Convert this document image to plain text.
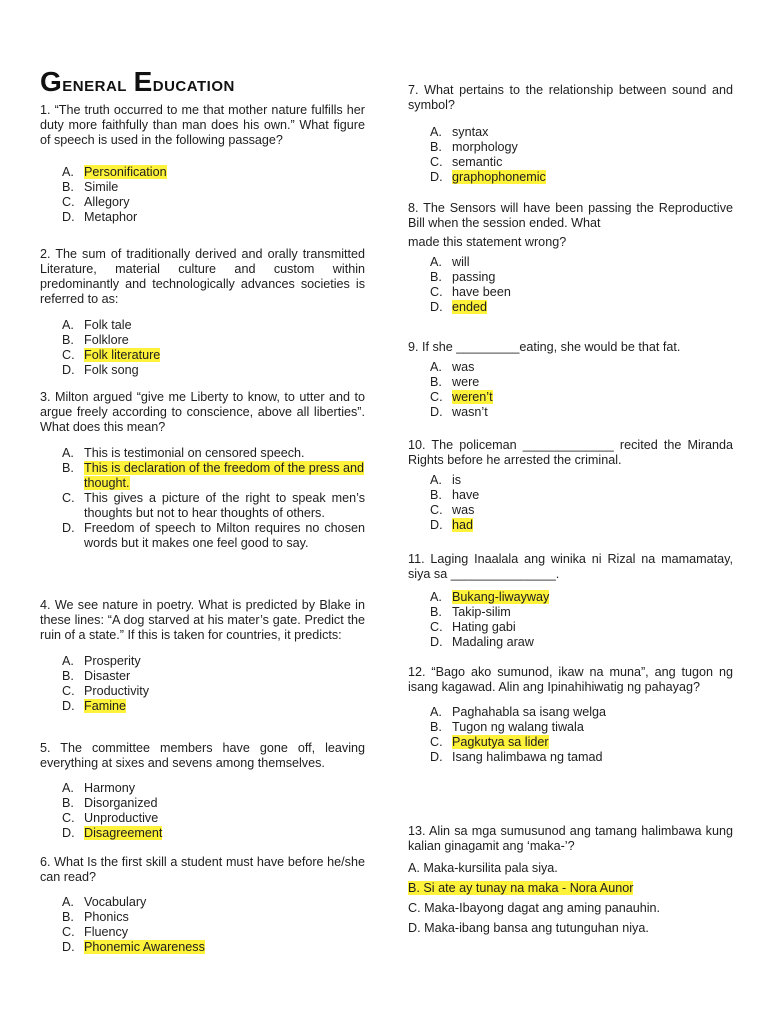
General Education

1. “The truth occurred to me that mother nature fulfills her duty more faithfully than man does his own.” What figure of speech is used in the following passage?

A. Personification
B. Simile
C. Allegory
D. Metaphor

2. The sum of traditionally derived and orally transmitted Literature, material culture and custom within predominantly and technologically advances societies is referred to as:

A. Folk tale
B. Folklore
C. Folk literature
D. Folk song

3. Milton argued “give me Liberty to know, to utter and to argue freely according to conscience, above all liberties”. What does this mean?

A. This is testimonial on censored speech.
B. This is declaration of the freedom of the press and thought.
C. This gives a picture of the right to speak men’s thoughts but not to hear thoughts of others.
D. Freedom of speech to Milton requires no chosen words but it makes one feel good to say.

4. We see nature in poetry. What is predicted by Blake in these lines: “A dog starved at his mater’s gate. Predict the ruin of a state.” If this is taken for countries, it predicts:

A. Prosperity
B. Disaster
C. Productivity
D. Famine

5. The committee members have gone off, leaving everything at sixes and sevens among themselves.

A. Harmony
B. Disorganized
C. Unproductive
D. Disagreement

6. What Is the first skill a student must have before he/she can read?

A. Vocabulary
B. Phonics
C. Fluency
D. Phonemic Awareness

7. What pertains to the relationship between sound and symbol?

A. syntax
B. morphology
C. semantic
D. graphophonemic

8. The Sensors will have been passing the Reproductive Bill when the session ended. What

made this statement wrong?

A. will
B. passing
C. have been
D. ended

9. If she _________eating, she would be that fat.

A. was
B. were
C. weren’t
D. wasn’t

10. The policeman _____________ recited the Miranda Rights before he arrested the criminal.

A. is
B. have
C. was
D. had

11. Laging Inaalala ang winika ni Rizal na mamamatay, siya sa _______________.

A. Bukang-liwayway
B. Takip-silim
C. Hating gabi
D. Madaling araw

12. “Bago ako sumunod, ikaw na muna”, ang tugon ng isang kagawad. Alin ang Ipinahihiwatig ng pahayag?

A. Paghahabla sa isang welga
B. Tugon ng walang tiwala
C. Pagkutya sa lider
D. Isang halimbawa ng tamad

13. Alin sa mga sumusunod ang tamang halimbawa kung kalian ginagamit ang ‘maka-’?

A. Maka-kursilita pala siya.
B. Si ate ay tunay na maka - Nora Aunor
C. Maka-Ibayong dagat ang aming panauhin.
D. Maka-ibang bansa ang tutunguhan niya.
